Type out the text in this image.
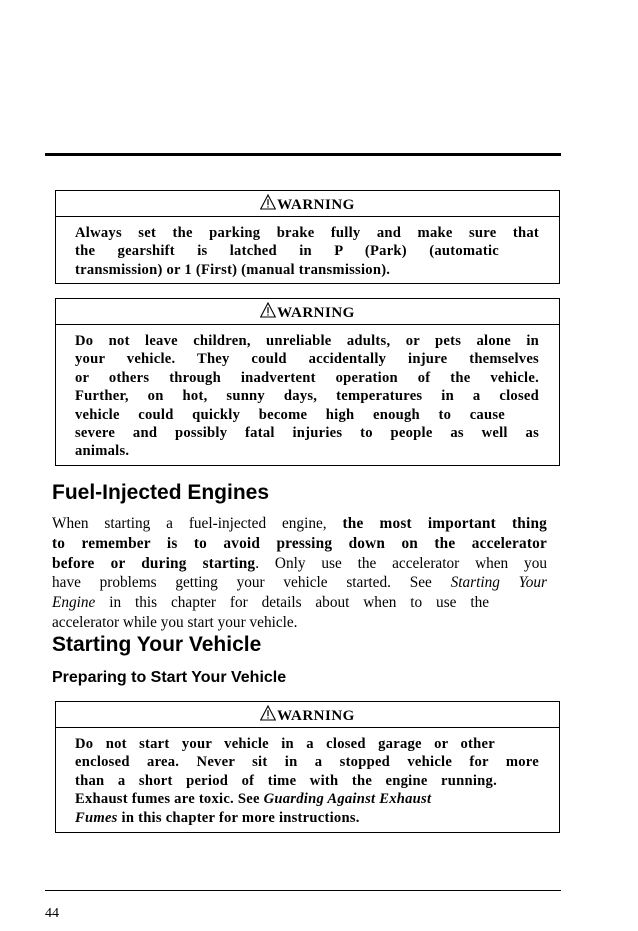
WARNING
Always set the parking brake fully and make sure that
the gearshift is latched in P (Park) (automatic
transmission) or 1 (First) (manual transmission).
WARNING
Do not leave children, unreliable adults, or pets alone in
your vehicle. They could accidentally injure themselves
or others through inadvertent operation of the vehicle.
Further, on hot, sunny days, temperatures in a closed
vehicle could quickly become high enough to cause
severe and possibly fatal injuries to people as well as
animals.
Fuel-Injected Engines
When starting a fuel-injected engine, the most important thing
to remember is to avoid pressing down on the accelerator
before or during starting. Only use the accelerator when you
have problems getting your vehicle started. See Starting Your
Engine in this chapter for details about when to use the
accelerator while you start your vehicle.
Starting Your Vehicle
Preparing to Start Your Vehicle
WARNING
Do not start your vehicle in a closed garage or other
enclosed area. Never sit in a stopped vehicle for more
than a short period of time with the engine running.
Exhaust fumes are toxic. See Guarding Against Exhaust
Fumes in this chapter for more instructions.
44
